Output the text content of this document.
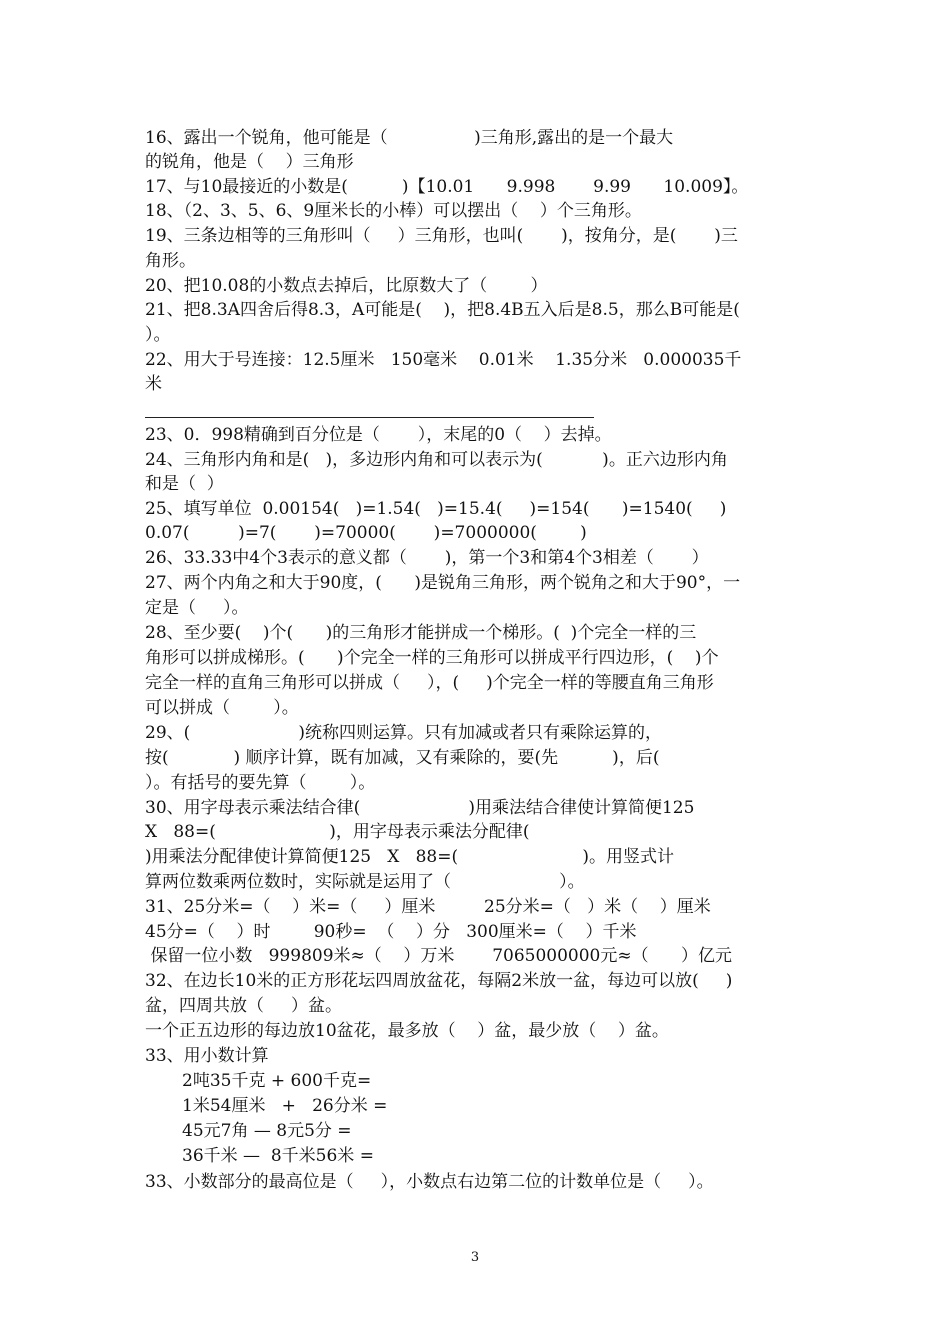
16、露出一个锐角，他可能是（                )三角形,露出的是一个最大
的锐角，他是（    ）三角形
17、与10最接近的小数是(          )【10.01      9.998       9.99      10.009】。
18、（2、3、5、6、9厘米长的小棒）可以摆出（    ）个三角形。
19、三条边相等的三角形叫（     ）三角形，也叫(       )，按角分，是(       )三
角形。
20、把10.08的小数点去掉后，比原数大了（        ）
21、把8.3A四舍后得8.3，A可能是(    )，把8.4B五入后是8.5，那么B可能是(
）。
22、用大于号连接：12.5厘米   150毫米    0.01米    1.35分米   0.000035千
米
23、0．998精确到百分位是（       ），末尾的0（    ）去掉。
24、三角形内角和是(   )，多边形内角和可以表示为(           )。正六边形内角
和是（  ）
25、填写单位  0.00154(   )=1.54(   )=15.4(     )=154(      )=1540(     )
0.07(         )=7(       )=70000(       )=7000000(        )
26、33.33中4个3表示的意义都（       )，第一个3和第4个3相差（       ）
27、两个内角之和大于90度，(      )是锐角三角形，两个锐角之和大于90°，一
定是（     ）。
28、至少要(    )个(      )的三角形才能拼成一个梯形。(  )个完全一样的三
角形可以拼成梯形。(      )个完全一样的三角形可以拼成平行四边形，(    )个
完全一样的直角三角形可以拼成（     ），(     )个完全一样的等腰直角三角形
可以拼成（        ）。
29、(                    )统称四则运算。只有加减或者只有乘除运算的，
按(            ) 顺序计算，既有加减，又有乘除的，要(先          )，后(
）。有括号的要先算（        ）。
30、用字母表示乘法结合律(                    )用乘法结合律使计算简便125
X   88=(                     )，用字母表示乘法分配律(
)用乘法分配律使计算简便125   X   88=(                       )。用竖式计
算两位数乘两位数时，实际就是运用了（                    ）。
31、25分米=（    ）米=（     ）厘米         25分米=（   ）米（    ）厘米
45分=（    ）时        90秒=  （    ）分   300厘米=（    ）千米
保留一位小数   999809米≈（    ）万米       7065000000元≈（      ）亿元
32、在边长10米的正方形花坛四周放盆花，每隔2米放一盆，每边可以放(     )
盆，四周共放（     ）盆。
一个正五边形的每边放10盆花，最多放（    ）盆，最少放（    ）盆。
33、用小数计算
2吨35千克 + 600千克=
1米54厘米   +   26分米 =
45元7角 — 8元5分 =
36千米 —  8千米56米 =
33、小数部分的最高位是（     ），小数点右边第二位的计数单位是（     ）。
3
